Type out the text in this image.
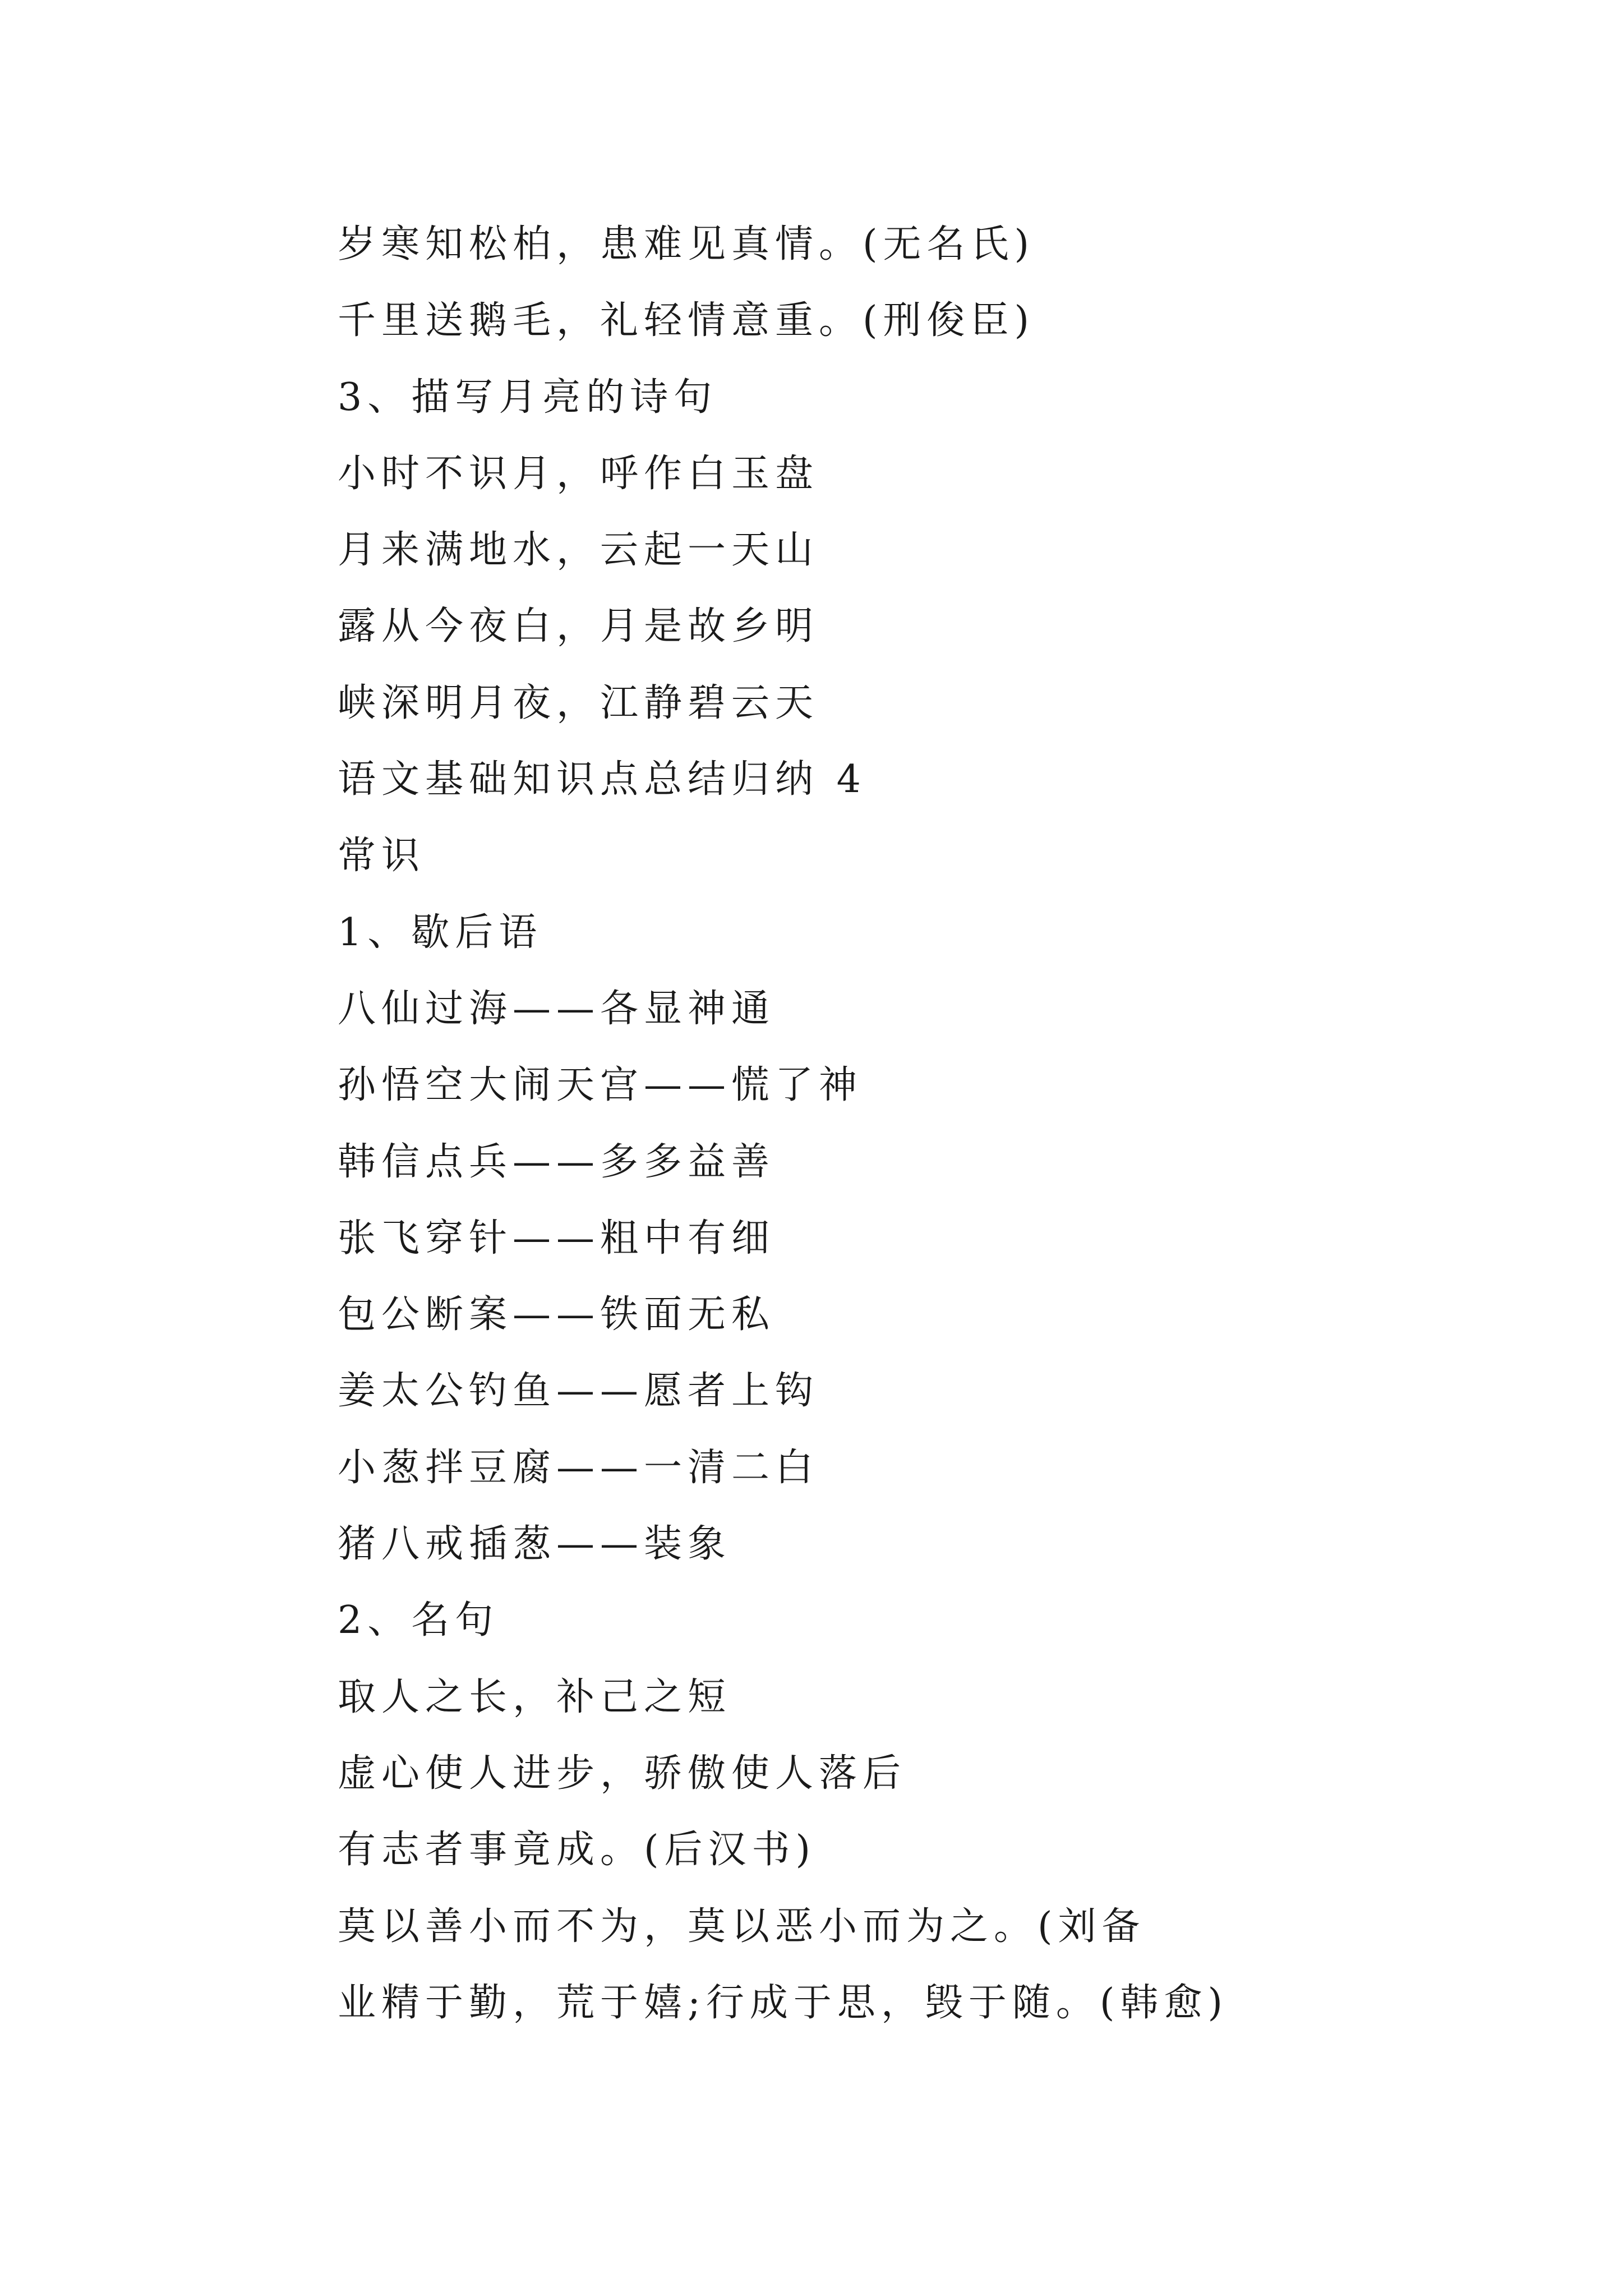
岁寒知松柏，患难见真情。(无名氏)
千里送鹅毛，礼轻情意重。(刑俊臣)
3、描写月亮的诗句
小时不识月，呼作白玉盘
月来满地水，云起一天山
露从今夜白，月是故乡明
峡深明月夜，江静碧云天
语文基础知识点总结归纳 4
常识
1、歇后语
八仙过海——各显神通
孙悟空大闹天宫——慌了神
韩信点兵——多多益善
张飞穿针——粗中有细
包公断案——铁面无私
姜太公钓鱼——愿者上钩
小葱拌豆腐——一清二白
猪八戒插葱——装象
2、名句
取人之长，补己之短
虚心使人进步，骄傲使人落后
有志者事竟成。(后汉书)
莫以善小而不为，莫以恶小而为之。(刘备
业精于勤，荒于嬉;行成于思，毁于随。(韩愈)
